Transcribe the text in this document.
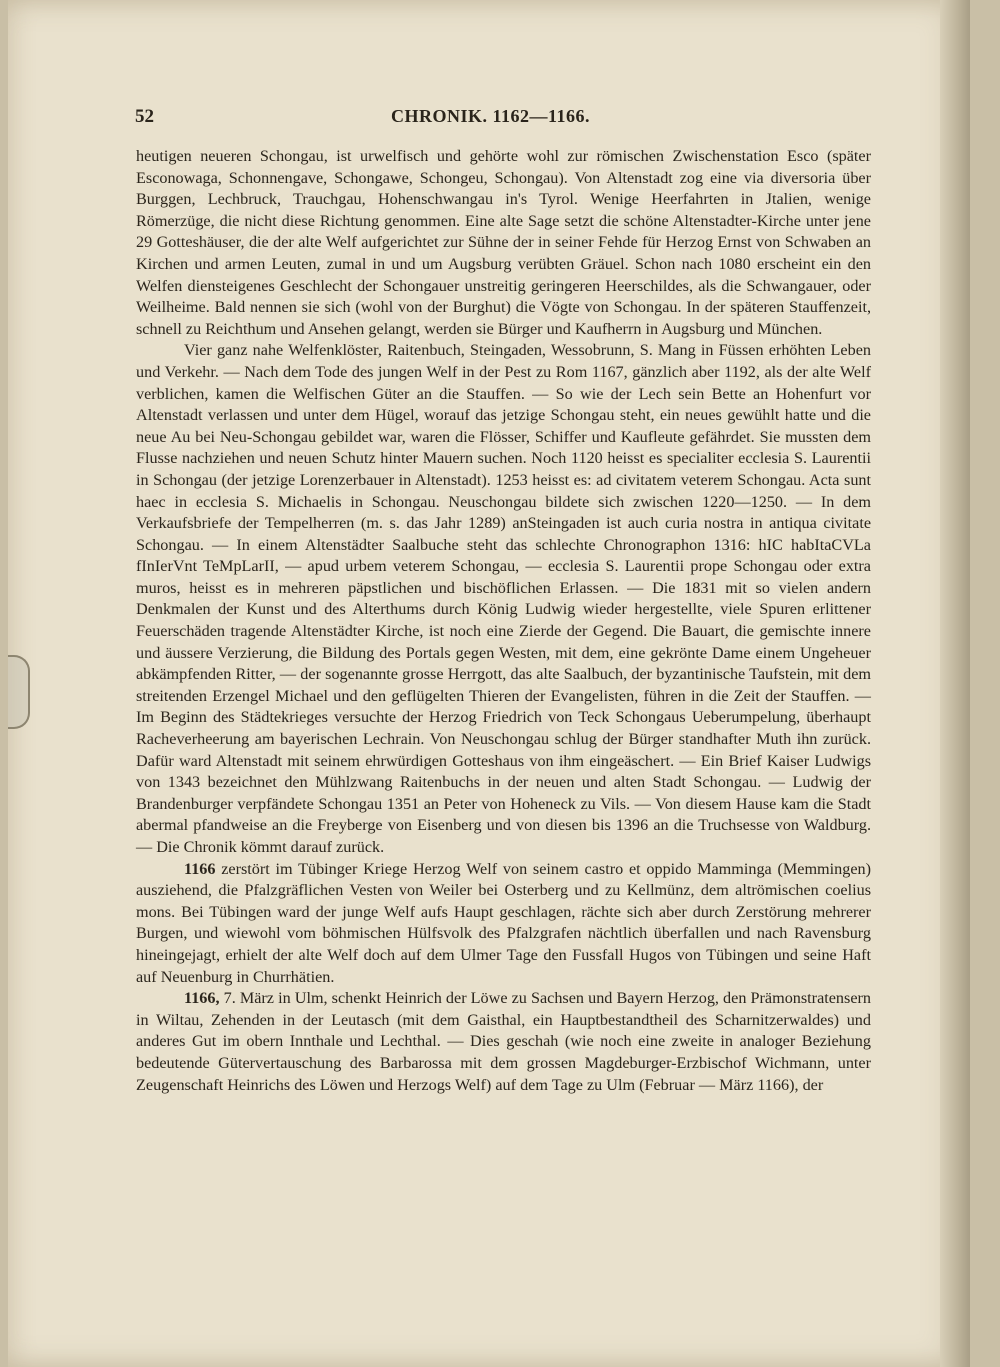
52	CHRONIK. 1162—1166.

heutigen neueren Schongau, ist urwelfisch und gehörte wohl zur römischen Zwischenstation Esco (später Esconowaga, Schonnengave, Schongawe, Schongeu, Schongau). Von Altenstadt zog eine via diversoria über Burggen, Lechbruck, Trauchgau, Hohenschwangau in's Tyrol. Wenige Heerfahrten in Jtalien, wenige Römerzüge, die nicht diese Richtung genommen. Eine alte Sage setzt die schöne Altenstadter-Kirche unter jene 29 Gotteshäuser, die der alte Welf aufgerichtet zur Sühne der in seiner Fehde für Herzog Ernst von Schwaben an Kirchen und armen Leuten, zumal in und um Augsburg verübten Gräuel. Schon nach 1080 erscheint ein den Welfen diensteigenes Geschlecht der Schongauer unstreitig geringeren Heerschildes, als die Schwangauer, oder Weilheime. Bald nennen sie sich (wohl von der Burghut) die Vögte von Schongau. In der späteren Stauffenzeit, schnell zu Reichthum und Ansehen gelangt, werden sie Bürger und Kaufherrn in Augsburg und München.

Vier ganz nahe Welfenklöster, Raitenbuch, Steingaden, Wessobrunn, S. Mang in Füssen erhöhten Leben und Verkehr. — Nach dem Tode des jungen Welf in der Pest zu Rom 1167, gänzlich aber 1192, als der alte Welf verblichen, kamen die Welfischen Güter an die Stauffen. — So wie der Lech sein Bette an Hohenfurt vor Altenstadt verlassen und unter dem Hügel, worauf das jetzige Schongau steht, ein neues gewühlt hatte und die neue Au bei Neu-Schongau gebildet war, waren die Flösser, Schiffer und Kaufleute gefährdet. Sie mussten dem Flusse nachziehen und neuen Schutz hinter Mauern suchen. Noch 1120 heisst es specialiter ecclesia S. Laurentii in Schongau (der jetzige Lorenzerbauer in Altenstadt). 1253 heisst es: ad civitatem veterem Schongau. Acta sunt haec in ecclesia S. Michaelis in Schongau. Neuschongau bildete sich zwischen 1220—1250. — In dem Verkaufsbriefe der Tempelherren (m. s. das Jahr 1289) anSteingaden ist auch curia nostra in antiqua civitate Schongau. — In einem Altenstädter Saalbuche steht das schlechte Chronographon 1316: hIC habItaCVLa fInIerVnt TeMpLarII, — apud urbem veterem Schongau, — ecclesia S. Laurentii prope Schongau oder extra muros, heisst es in mehreren päpstlichen und bischöflichen Erlassen. — Die 1831 mit so vielen andern Denkmalen der Kunst und des Alterthums durch König Ludwig wieder hergestellte, viele Spuren erlittener Feuerschäden tragende Altenstädter Kirche, ist noch eine Zierde der Gegend. Die Bauart, die gemischte innere und äussere Verzierung, die Bildung des Portals gegen Westen, mit dem, eine gekrönte Dame einem Ungeheuer abkämpfenden Ritter, — der sogenannte grosse Herrgott, das alte Saalbuch, der byzantinische Taufstein, mit dem streitenden Erzengel Michael und den geflügelten Thieren der Evangelisten, führen in die Zeit der Stauffen. — Im Beginn des Städtekrieges versuchte der Herzog Friedrich von Teck Schongaus Ueberumpelung, überhaupt Racheverheerung am bayerischen Lechrain. Von Neuschongau schlug der Bürger standhafter Muth ihn zurück. Dafür ward Altenstadt mit seinem ehrwürdigen Gotteshaus von ihm eingeäschert. — Ein Brief Kaiser Ludwigs von 1343 bezeichnet den Mühlzwang Raitenbuchs in der neuen und alten Stadt Schongau. — Ludwig der Brandenburger verpfändete Schongau 1351 an Peter von Hoheneck zu Vils. — Von diesem Hause kam die Stadt abermal pfandweise an die Freyberge von Eisenberg und von diesen bis 1396 an die Truchsesse von Waldburg. — Die Chronik kömmt darauf zurück.

1166 zerstört im Tübinger Kriege Herzog Welf von seinem castro et oppido Mamminga (Memmingen) ausziehend, die Pfalzgräflichen Vesten von Weiler bei Osterberg und zu Kellmünz, dem altrömischen coelius mons. Bei Tübingen ward der junge Welf aufs Haupt geschlagen, rächte sich aber durch Zerstörung mehrerer Burgen, und wiewohl vom böhmischen Hülfsvolk des Pfalzgrafen nächtlich überfallen und nach Ravensburg hineingejagt, erhielt der alte Welf doch auf dem Ulmer Tage den Fussfall Hugos von Tübingen und seine Haft auf Neuenburg in Churrhätien.

1166, 7. März in Ulm, schenkt Heinrich der Löwe zu Sachsen und Bayern Herzog, den Prämonstratensern in Wiltau, Zehenden in der Leutasch (mit dem Gaisthal, ein Hauptbestandtheil des Scharnitzerwaldes) und anderes Gut im obern Innthale und Lechthal. — Dies geschah (wie noch eine zweite in analoger Beziehung bedeutende Gütervertauschung des Barbarossa mit dem grossen Magdeburger-Erzbischof Wichmann, unter Zeugenschaft Heinrichs des Löwen und Herzogs Welf) auf dem Tage zu Ulm (Februar — März 1166), der
